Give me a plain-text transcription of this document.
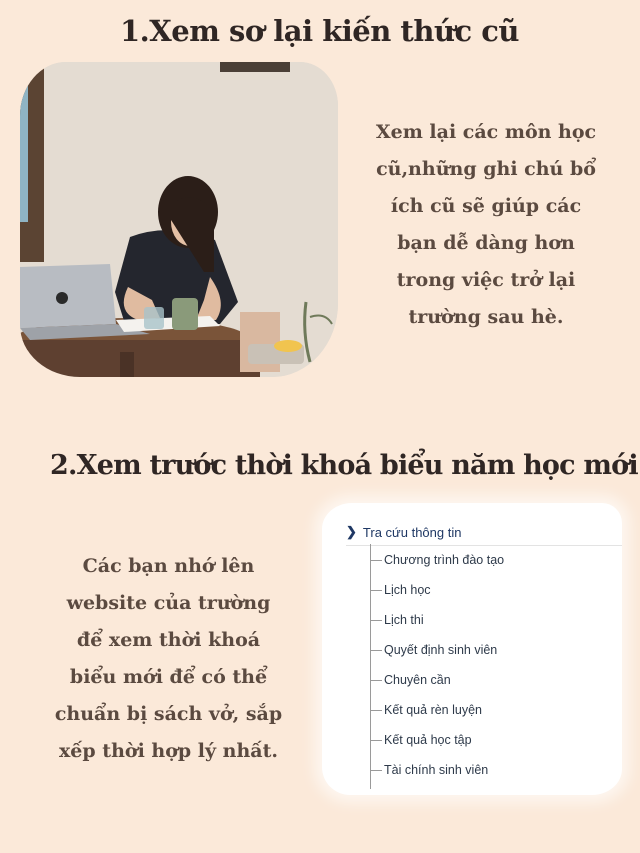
1.Xem sơ lại kiến thức cũ

Xem lại các môn học
cũ,những ghi chú bổ
ích cũ sẽ giúp các
bạn dễ dàng hơn
trong việc trở lại
trường sau hè.

2.Xem trước thời khoá biểu năm học mới

Các bạn nhớ lên
website của trường
để xem thời khoá
biểu mới để có thể
chuẩn bị sách vở, sắp
xếp thời hợp lý nhất.

❯ Tra cứu thông tin
Chương trình đào tạo
Lịch học
Lịch thi
Quyết định sinh viên
Chuyên cần
Kết quả rèn luyện
Kết quả học tập
Tài chính sinh viên
